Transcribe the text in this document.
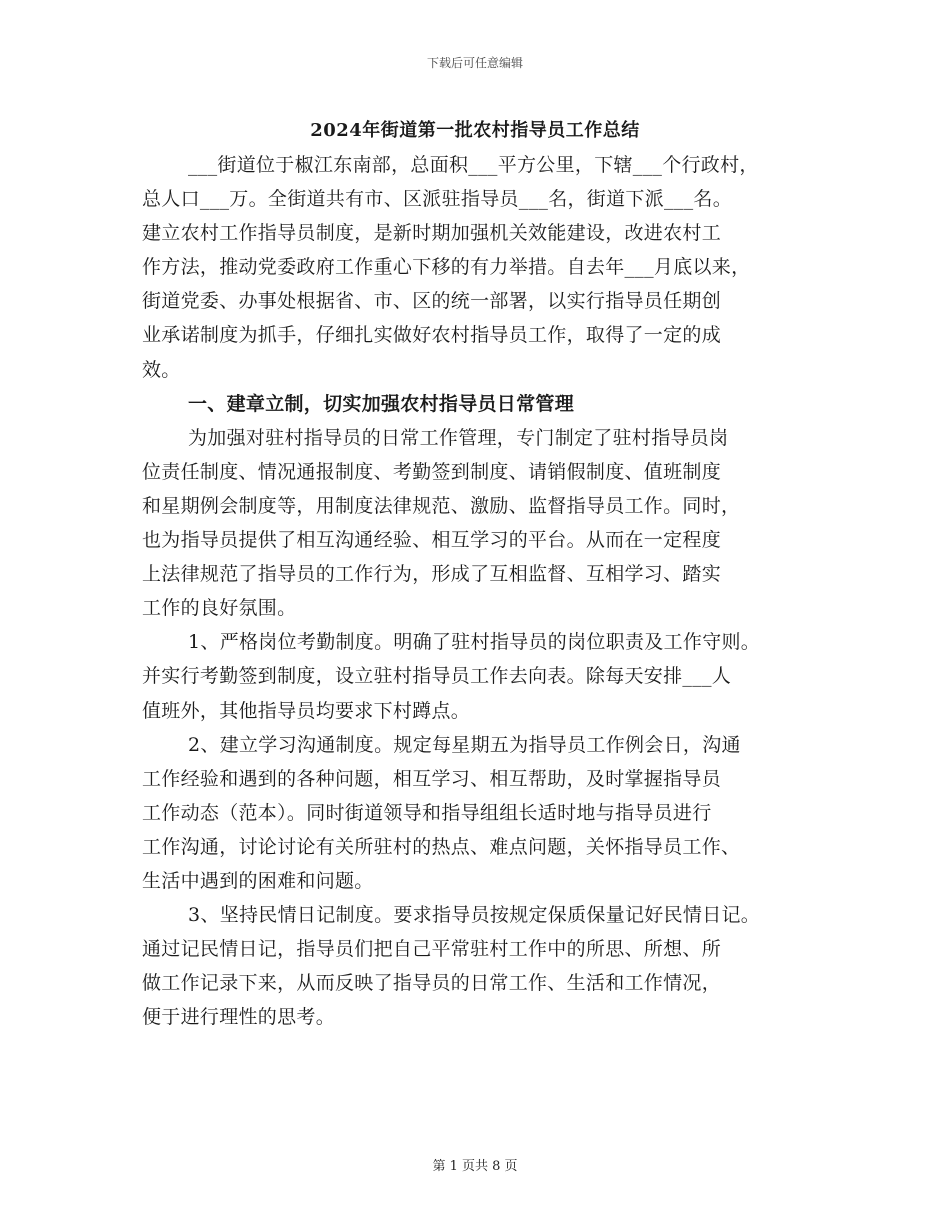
下载后可任意编辑
2024年街道第一批农村指导员工作总结
___街道位于椒江东南部，总面积___平方公里，下辖___个行政村，
总人口___万。全街道共有市、区派驻指导员___名，街道下派___名。
建立农村工作指导员制度，是新时期加强机关效能建设，改进农村工
作方法，推动党委政府工作重心下移的有力举措。自去年___月底以来，
街道党委、办事处根据省、市、区的统一部署，以实行指导员任期创
业承诺制度为抓手，仔细扎实做好农村指导员工作，取得了一定的成
效。
一、建章立制，切实加强农村指导员日常管理
为加强对驻村指导员的日常工作管理，专门制定了驻村指导员岗
位责任制度、情况通报制度、考勤签到制度、请销假制度、值班制度
和星期例会制度等，用制度法律规范、激励、监督指导员工作。同时，
也为指导员提供了相互沟通经验、相互学习的平台。从而在一定程度
上法律规范了指导员的工作行为，形成了互相监督、互相学习、踏实
工作的良好氛围。
1、严格岗位考勤制度。明确了驻村指导员的岗位职责及工作守则。
并实行考勤签到制度，设立驻村指导员工作去向表。除每天安排___人
值班外，其他指导员均要求下村蹲点。
2、建立学习沟通制度。规定每星期五为指导员工作例会日，沟通
工作经验和遇到的各种问题，相互学习、相互帮助，及时掌握指导员
工作动态（范本）。同时街道领导和指导组组长适时地与指导员进行
工作沟通，讨论讨论有关所驻村的热点、难点问题，关怀指导员工作、
生活中遇到的困难和问题。
3、坚持民情日记制度。要求指导员按规定保质保量记好民情日记。
通过记民情日记，指导员们把自己平常驻村工作中的所思、所想、所
做工作记录下来，从而反映了指导员的日常工作、生活和工作情况，
便于进行理性的思考。
第 1 页共 8 页
